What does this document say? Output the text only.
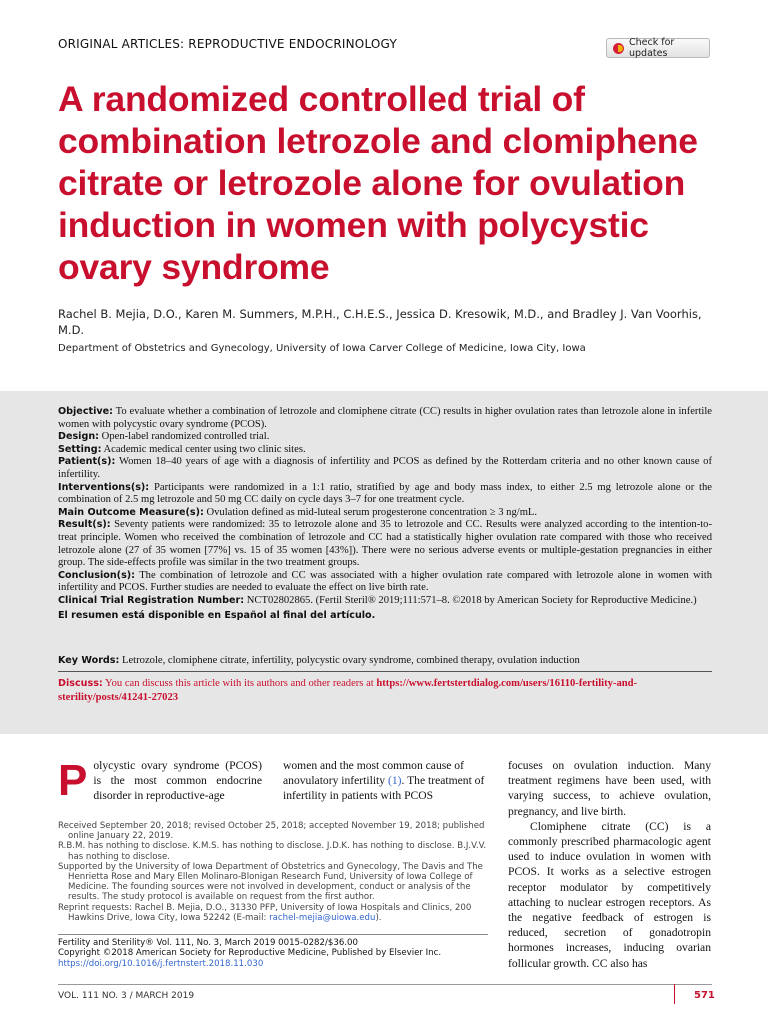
ORIGINAL ARTICLES: REPRODUCTIVE ENDOCRINOLOGY	Check for updates
A randomized controlled trial of combination letrozole and clomiphene citrate or letrozole alone for ovulation induction in women with polycystic ovary syndrome
Rachel B. Mejia, D.O., Karen M. Summers, M.P.H., C.H.E.S., Jessica D. Kresowik, M.D., and Bradley J. Van Voorhis, M.D.
Department of Obstetrics and Gynecology, University of Iowa Carver College of Medicine, Iowa City, Iowa

Objective: To evaluate whether a combination of letrozole and clomiphene citrate (CC) results in higher ovulation rates than letrozole alone in infertile women with polycystic ovary syndrome (PCOS).

Design: Open-label randomized controlled trial.

Setting: Academic medical center using two clinic sites.

Patient(s): Women 18–40 years of age with a diagnosis of infertility and PCOS as defined by the Rotterdam criteria and no other known cause of infertility.

Interventions(s): Participants were randomized in a 1:1 ratio, stratified by age and body mass index, to either 2.5 mg letrozole alone or the combination of 2.5 mg letrozole and 50 mg CC daily on cycle days 3–7 for one treatment cycle.

Main Outcome Measure(s): Ovulation defined as mid-luteal serum progesterone concentration ≥ 3 ng/mL.

Result(s): Seventy patients were randomized: 35 to letrozole alone and 35 to letrozole and CC. Results were analyzed according to the intention-to-treat principle. Women who received the combination of letrozole and CC had a statistically higher ovulation rate compared with those who received letrozole alone (27 of 35 women [77%] vs. 15 of 35 women [43%]). There were no serious adverse events or multiple-gestation pregnancies in either group. The side-effects profile was similar in the two treatment groups.

Conclusion(s): The combination of letrozole and CC was associated with a higher ovulation rate compared with letrozole alone in women with infertility and PCOS. Further studies are needed to evaluate the effect on live birth rate.

Clinical Trial Registration Number: NCT02802865. (Fertil Steril® 2019;111:571–8. ©2018 by American Society for Reproductive Medicine.)

El resumen está disponible en Español al final del artículo.

Key Words: Letrozole, clomiphene citrate, infertility, polycystic ovary syndrome, combined therapy, ovulation induction
Discuss: You can discuss this article with its authors and other readers at https://www.fertstertdialog.com/users/16110-fertility-and-sterility/posts/41241-27023
P olycystic ovary syndrome (PCOS) is the most common endocrine disorder in reproductive-age

women and the most common cause of anovulatory infertility (1). The treatment of infertility in patients with PCOS

focuses on ovulation induction. Many treatment regimens have been used, with varying success, to achieve ovulation, pregnancy, and live birth.

Clomiphene citrate (CC) is a commonly prescribed pharmacologic agent used to induce ovulation in women with PCOS. It works as a selective estrogen receptor modulator by competitively attaching to nuclear estrogen receptors. As the negative feedback of estrogen is reduced, secretion of gonadotropin hormones increases, inducing ovarian follicular growth. CC also has

Received September 20, 2018; revised October 25, 2018; accepted November 19, 2018; published online January 22, 2019.

R.B.M. has nothing to disclose. K.M.S. has nothing to disclose. J.D.K. has nothing to disclose. B.J.V.V. has nothing to disclose.

Supported by the University of Iowa Department of Obstetrics and Gynecology, The Davis and The Henrietta Rose and Mary Ellen Molinaro-Blonigan Research Fund, University of Iowa College of Medicine. The founding sources were not involved in development, conduct or analysis of the results. The study protocol is available on request from the first author.

Reprint requests: Rachel B. Mejia, D.O., 31330 PFP, University of Iowa Hospitals and Clinics, 200 Hawkins Drive, Iowa City, Iowa 52242 (E-mail: rachel-mejia@uiowa.edu).

Fertility and Sterility® Vol. 111, No. 3, March 2019 0015-0282/$36.00

Copyright ©2018 American Society for Reproductive Medicine, Published by Elsevier Inc.

https://doi.org/10.1016/j.fertnstert.2018.11.030

VOL. 111 NO. 3 / MARCH 2019	571
